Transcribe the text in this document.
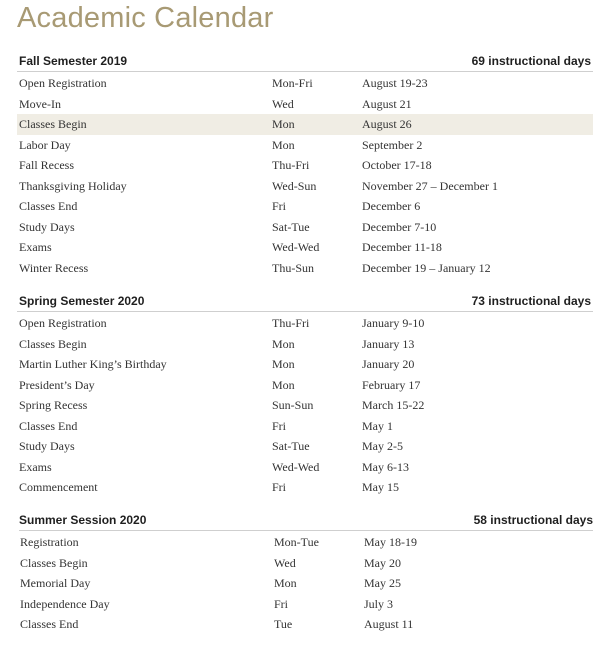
Academic Calendar
Fall Semester 2019	69 instructional days
Open Registration	Mon-Fri	August 19-23
Move-In	Wed	August 21
Classes Begin	Mon	August 26
Labor Day	Mon	September 2
Fall Recess	Thu-Fri	October 17-18
Thanksgiving Holiday	Wed-Sun	November 27 – December 1
Classes End	Fri	December 6
Study Days	Sat-Tue	December 7-10
Exams	Wed-Wed	December 11-18
Winter Recess	Thu-Sun	December 19 – January 12
Spring Semester 2020	73 instructional days
Open Registration	Thu-Fri	January 9-10
Classes Begin	Mon	January 13
Martin Luther King’s Birthday	Mon	January 20
President’s Day	Mon	February 17
Spring Recess	Sun-Sun	March 15-22
Classes End	Fri	May 1
Study Days	Sat-Tue	May 2-5
Exams	Wed-Wed	May 6-13
Commencement	Fri	May 15
Summer Session 2020	58 instructional days
Registration	Mon-Tue	May 18-19
Classes Begin	Wed	May 20
Memorial Day	Mon	May 25
Independence Day	Fri	July 3
Classes End	Tue	August 11
